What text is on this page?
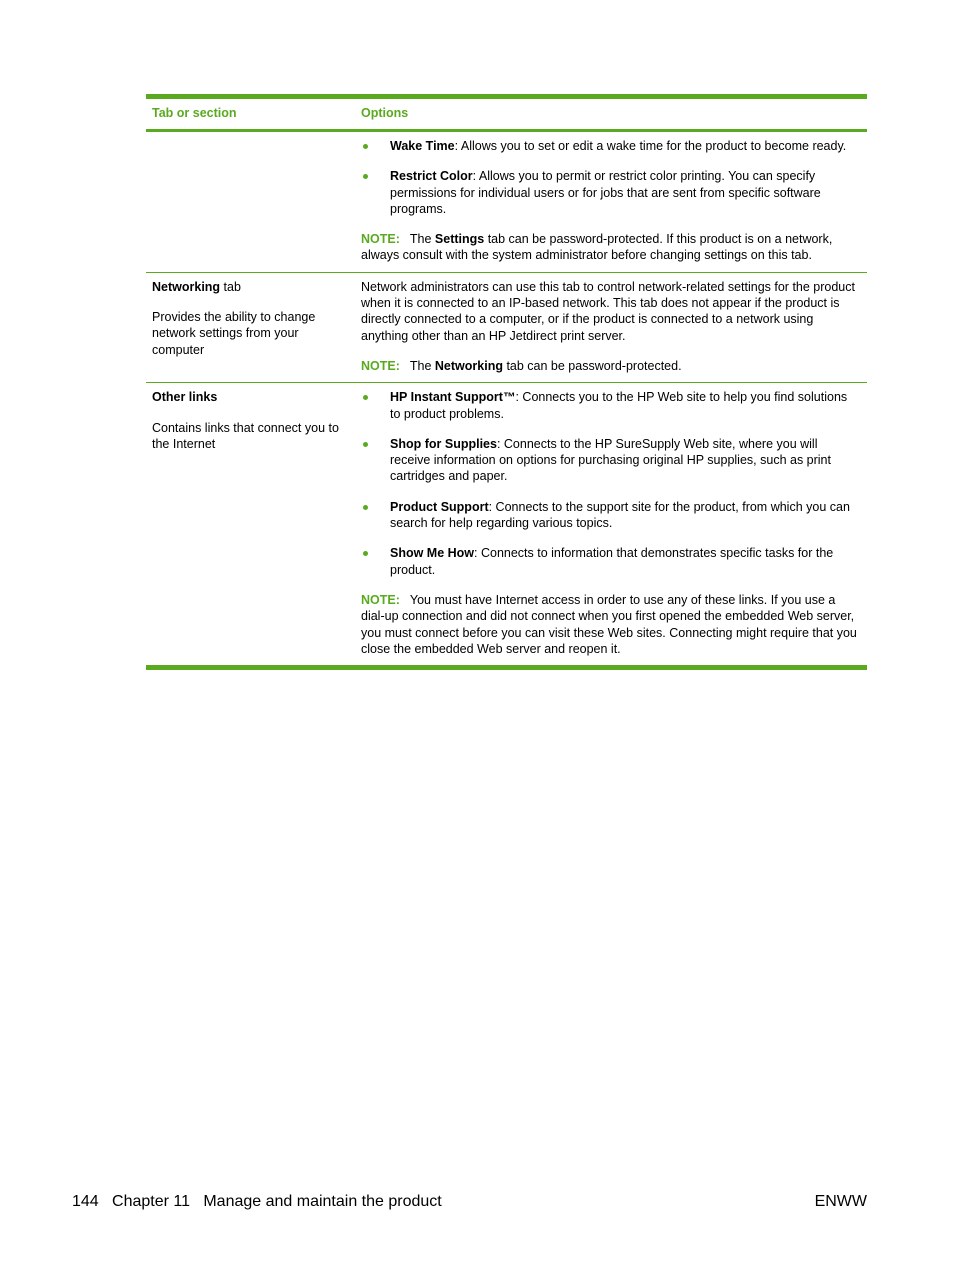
Tab or section	Options
Wake Time: Allows you to set or edit a wake time for the product to become ready.
Restrict Color: Allows you to permit or restrict color printing. You can specify permissions for individual users or for jobs that are sent from specific software programs.

NOTE: The Settings tab can be password-protected. If this product is on a network, always consult with the system administrator before changing settings on this tab.

Networking tab

Provides the ability to change network settings from your computer

Network administrators can use this tab to control network-related settings for the product when it is connected to an IP-based network. This tab does not appear if the product is directly connected to a computer, or if the product is connected to a network using anything other than an HP Jetdirect print server.

NOTE: The Networking tab can be password-protected.

Other links

Contains links that connect you to the Internet

HP Instant Support™: Connects you to the HP Web site to help you find solutions to product problems.
Shop for Supplies: Connects to the HP SureSupply Web site, where you will receive information on options for purchasing original HP supplies, such as print cartridges and paper.
Product Support: Connects to the support site for the product, from which you can search for help regarding various topics.
Show Me How: Connects to information that demonstrates specific tasks for the product.

NOTE: You must have Internet access in order to use any of these links. If you use a dial-up connection and did not connect when you first opened the embedded Web server, you must connect before you can visit these Web sites. Connecting might require that you close the embedded Web server and reopen it.

144   Chapter 11   Manage and maintain the product	ENWW
